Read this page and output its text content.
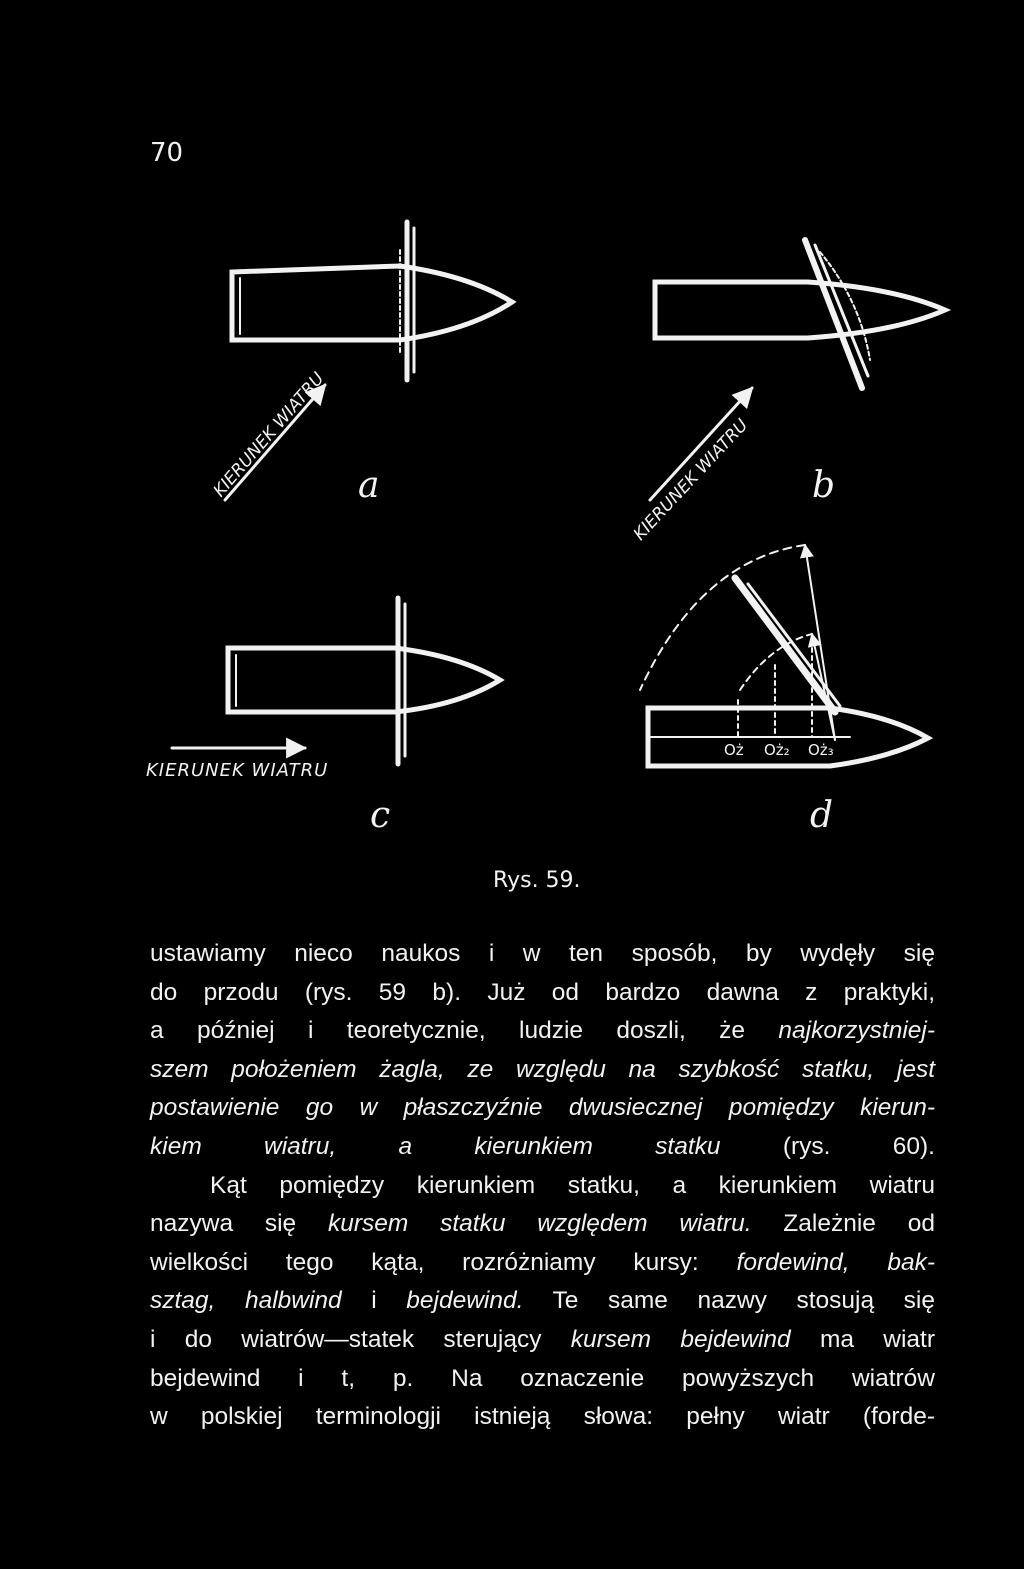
70
KIERUNEK WIATRU a	KIERUNEK WIATRU b
KIERUNEK WIATRU
c
Oż Oż₂ Oż₃
d
Rys. 59.
ustawiamy nieco naukos i w ten sposób, by wydęły się
do przodu (rys. 59 b). Już od bardzo dawna z praktyki,
a później i teoretycznie, ludzie doszli, że najkorzystniej-
szem położeniem żagla, ze względu na szybkość statku, jest
postawienie go w płaszczyźnie dwusiecznej pomiędzy kierun-
kiem wiatru, a kierunkiem statku (rys. 60).
Kąt pomiędzy kierunkiem statku, a kierunkiem wiatru
nazywa się kursem statku względem wiatru. Zależnie od
wielkości tego kąta, rozróżniamy kursy: fordewind, bak-
sztag, halbwind i bejdewind. Te same nazwy stosują się
i do wiatrów—statek sterujący kursem bejdewind ma wiatr
bejdewind i t, p. Na oznaczenie powyższych wiatrów
w polskiej terminologji istnieją słowa: pełny wiatr (forde-
